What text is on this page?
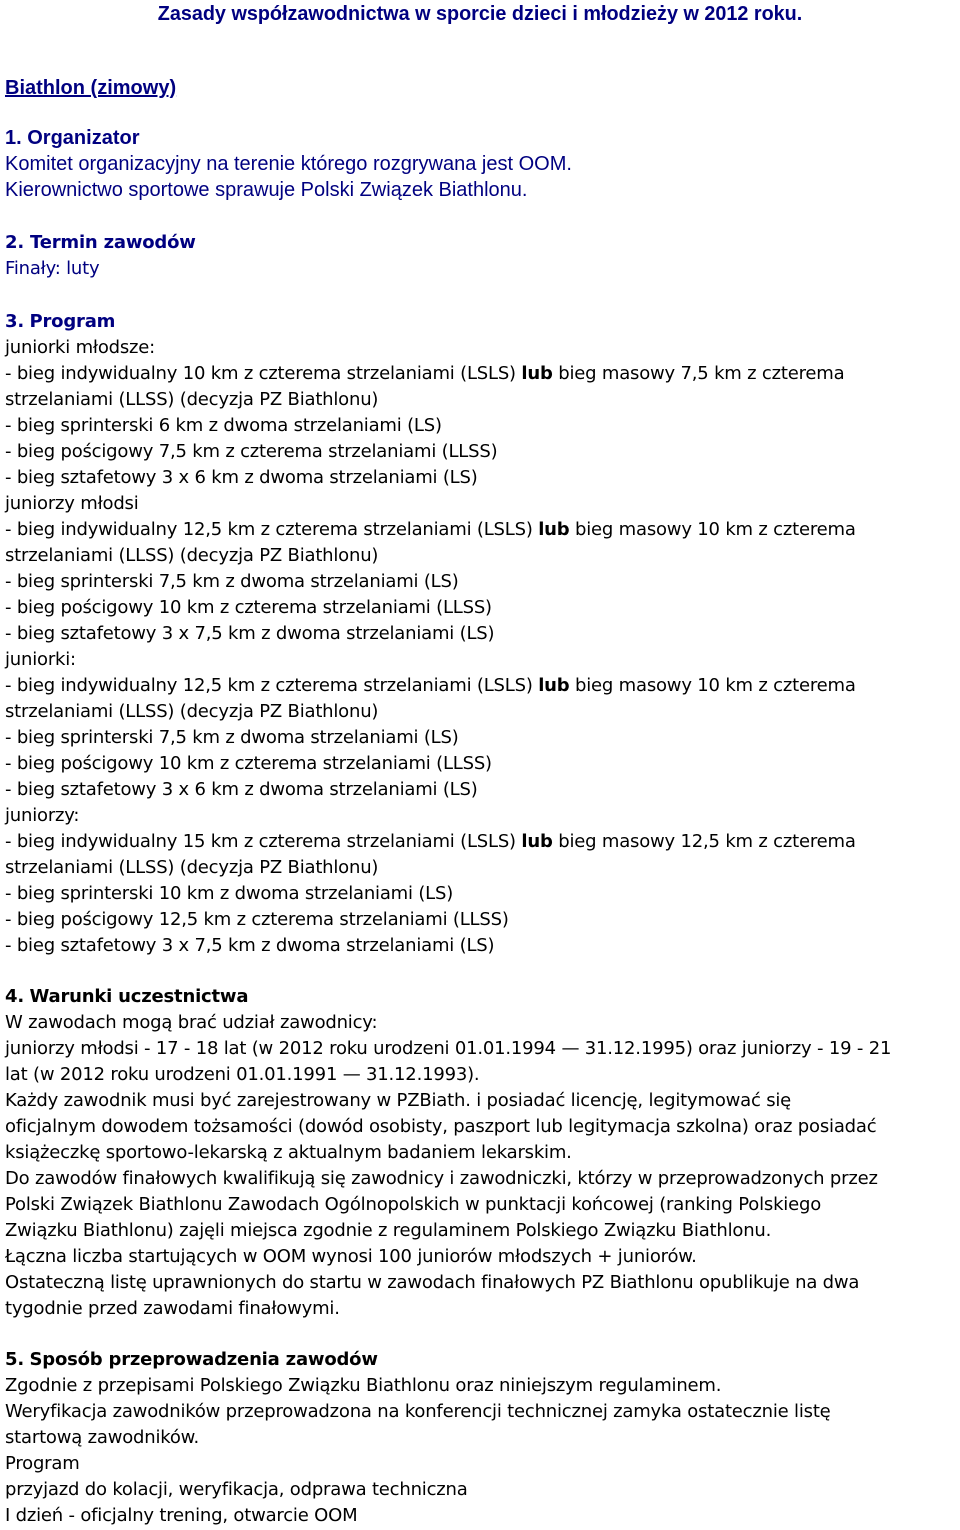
Zasady współzawodnictwa w sporcie dzieci i młodzieży w 2012 roku.
Biathlon (zimowy)
1. Organizator
Komitet organizacyjny na terenie którego rozgrywana jest OOM.
Kierownictwo sportowe sprawuje Polski Związek Biathlonu.
2. Termin zawodów
Finały: luty
3. Program
juniorki młodsze:
- bieg indywidualny 10 km z czterema strzelaniami (LSLS) lub bieg masowy 7,5 km z czterema
strzelaniami (LLSS) (decyzja PZ Biathlonu)
- bieg sprinterski 6 km z dwoma strzelaniami (LS)
- bieg pościgowy 7,5 km z czterema strzelaniami (LLSS)
- bieg sztafetowy 3 x 6 km z dwoma strzelaniami (LS)
juniorzy młodsi
- bieg indywidualny 12,5 km z czterema strzelaniami (LSLS) lub bieg masowy 10 km z czterema
strzelaniami (LLSS) (decyzja PZ Biathlonu)
- bieg sprinterski 7,5 km z dwoma strzelaniami (LS)
- bieg pościgowy 10 km z czterema strzelaniami (LLSS)
- bieg sztafetowy 3 x 7,5 km z dwoma strzelaniami (LS)
juniorki:
- bieg indywidualny 12,5 km z czterema strzelaniami (LSLS) lub bieg masowy 10 km z czterema
strzelaniami (LLSS) (decyzja PZ Biathlonu)
- bieg sprinterski 7,5 km z dwoma strzelaniami (LS)
- bieg pościgowy 10 km z czterema strzelaniami (LLSS)
- bieg sztafetowy 3 x 6 km z dwoma strzelaniami (LS)
juniorzy:
- bieg indywidualny 15 km z czterema strzelaniami (LSLS) lub bieg masowy 12,5 km z czterema
strzelaniami (LLSS) (decyzja PZ Biathlonu)
- bieg sprinterski 10 km z dwoma strzelaniami (LS)
- bieg pościgowy 12,5 km z czterema strzelaniami (LLSS)
- bieg sztafetowy 3 x 7,5 km z dwoma strzelaniami (LS)
4. Warunki uczestnictwa
W zawodach mogą brać udział zawodnicy:
juniorzy młodsi - 17 - 18 lat (w 2012 roku urodzeni 01.01.1994 — 31.12.1995) oraz juniorzy - 19 - 21
lat (w 2012 roku urodzeni 01.01.1991 — 31.12.1993).
Każdy zawodnik musi być zarejestrowany w PZBiath. i posiadać licencję, legitymować się
oficjalnym dowodem tożsamości (dowód osobisty, paszport lub legitymacja szkolna) oraz posiadać
książeczkę sportowo-lekarską z aktualnym badaniem lekarskim.
Do zawodów finałowych kwalifikują się zawodnicy i zawodniczki, którzy w przeprowadzonych przez
Polski Związek Biathlonu Zawodach Ogólnopolskich w punktacji końcowej (ranking Polskiego
Związku Biathlonu) zajęli miejsca zgodnie z regulaminem Polskiego Związku Biathlonu.
Łączna liczba startujących w OOM wynosi 100 juniorów młodszych + juniorów.
Ostateczną listę uprawnionych do startu w zawodach finałowych PZ Biathlonu opublikuje na dwa
tygodnie przed zawodami finałowymi.
5. Sposób przeprowadzenia zawodów
Zgodnie z przepisami Polskiego Związku Biathlonu oraz niniejszym regulaminem.
Weryfikacja zawodników przeprowadzona na konferencji technicznej zamyka ostatecznie listę
startową zawodników.
Program
przyjazd do kolacji, weryfikacja, odprawa techniczna
I dzień - oficjalny trening, otwarcie OOM
